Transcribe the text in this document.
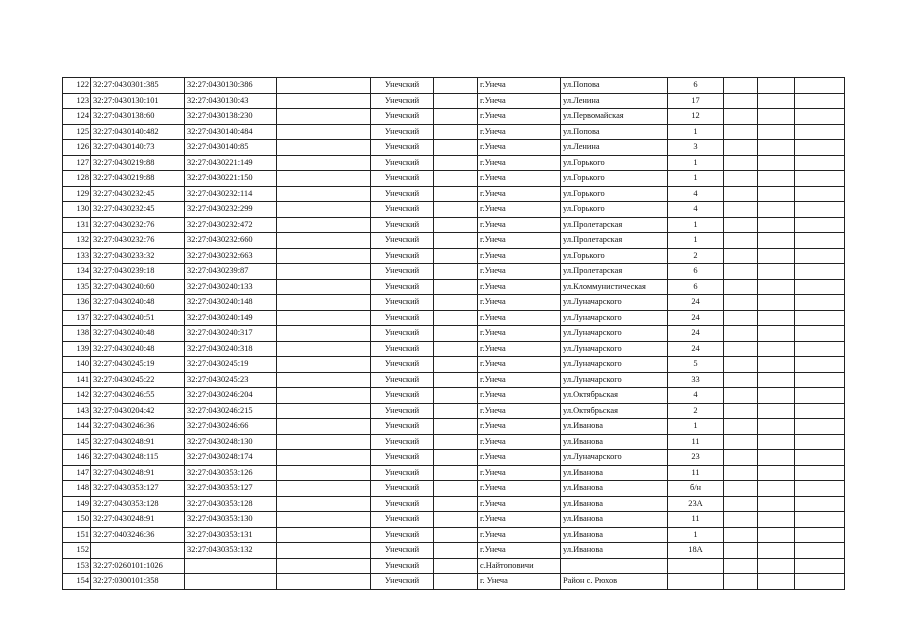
122	32:27:0430301:385	32:27:0430130:386		Унечский		г.Унеча	ул.Попова	6			
123	32:27:0430130:101	32:27:0430130:43		Унечский		г.Унеча	ул.Ленина	17			
124	32:27:0430138:60	32:27:0430138:230		Унечский		г.Унеча	ул.Первомайская	12			
125	32:27:0430140:482	32:27:0430140:484		Унечский		г.Унеча	ул.Попова	1			
126	32:27:0430140:73	32:27:0430140:85		Унечский		г.Унеча	ул.Ленина	3			
127	32:27:0430219:88	32:27:0430221:149		Унечский		г.Унеча	ул.Горького	1			
128	32:27:0430219:88	32:27:0430221:150		Унечский		г.Унеча	ул.Горького	1			
129	32:27:0430232:45	32:27:0430232:114		Унечский		г.Унеча	ул.Горького	4			
130	32:27:0430232:45	32:27:0430232:299		Унечский		г.Унеча	ул.Горького	4			
131	32:27:0430232:76	32:27:0430232:472		Унечский		г.Унеча	ул.Пролетарская	1			
132	32:27:0430232:76	32:27:0430232:660		Унечский		г.Унеча	ул.Пролетарская	1			
133	32:27:0430233:32	32:27:0430232:663		Унечский		г.Унеча	ул.Горького	2			
134	32:27:0430239:18	32:27:0430239:87		Унечский		г.Унеча	ул.Пролетарская	6			
135	32:27:0430240:60	32:27:0430240:133		Унечский		г.Унеча	ул.Кломмунистическая	6			
136	32:27:0430240:48	32:27:0430240:148		Унечский		г.Унеча	ул.Луначарского	24			
137	32:27:0430240:51	32:27:0430240:149		Унечский		г.Унеча	ул.Луначарского	24			
138	32:27:0430240:48	32:27:0430240:317		Унечский		г.Унеча	ул.Луначарского	24			
139	32:27:0430240:48	32:27:0430240:318		Унечский		г.Унеча	ул.Луначарского	24			
140	32:27:0430245:19	32:27:0430245:19		Унечский		г.Унеча	ул.Луначарского	5			
141	32:27:0430245:22	32:27:0430245:23		Унечский		г.Унеча	ул.Луначарского	33			
142	32:27:0430246:55	32:27:0430246:204		Унечский		г.Унеча	ул.Октябрьская	4			
143	32:27:0430204:42	32:27:0430246:215		Унечский		г.Унеча	ул.Октябрьская	2			
144	32:27:0430246:36	32:27:0430246:66		Унечский		г.Унеча	ул.Иванова	1			
145	32:27:0430248:91	32:27:0430248:130		Унечский		г.Унеча	ул.Иванова	11			
146	32:27:0430248:115	32:27:0430248:174		Унечский		г.Унеча	ул.Луначарского	23			
147	32:27:0430248:91	32:27:0430353:126		Унечский		г.Унеча	ул.Иванова	11			
148	32:27:0430353:127	32:27:0430353:127		Унечский		г.Унеча	ул.Иванова	б/н			
149	32:27:0430353:128	32:27:0430353:128		Унечский		г.Унеча	ул.Иванова	23А			
150	32:27:0430248:91	32:27:0430353:130		Унечский		г.Унеча	ул.Иванова	11			
151	32:27:0403246:36	32:27:0430353:131		Унечский		г.Унеча	ул.Иванова	1			
152		32:27:0430353:132		Унечский		г.Унеча	ул.Иванова	18А			
153	32:27:0260101:1026			Унечский		с.Найтоповичи					
154	32:27:0300101:358			Унечский		г. Унеча	Район с. Рюхов				
